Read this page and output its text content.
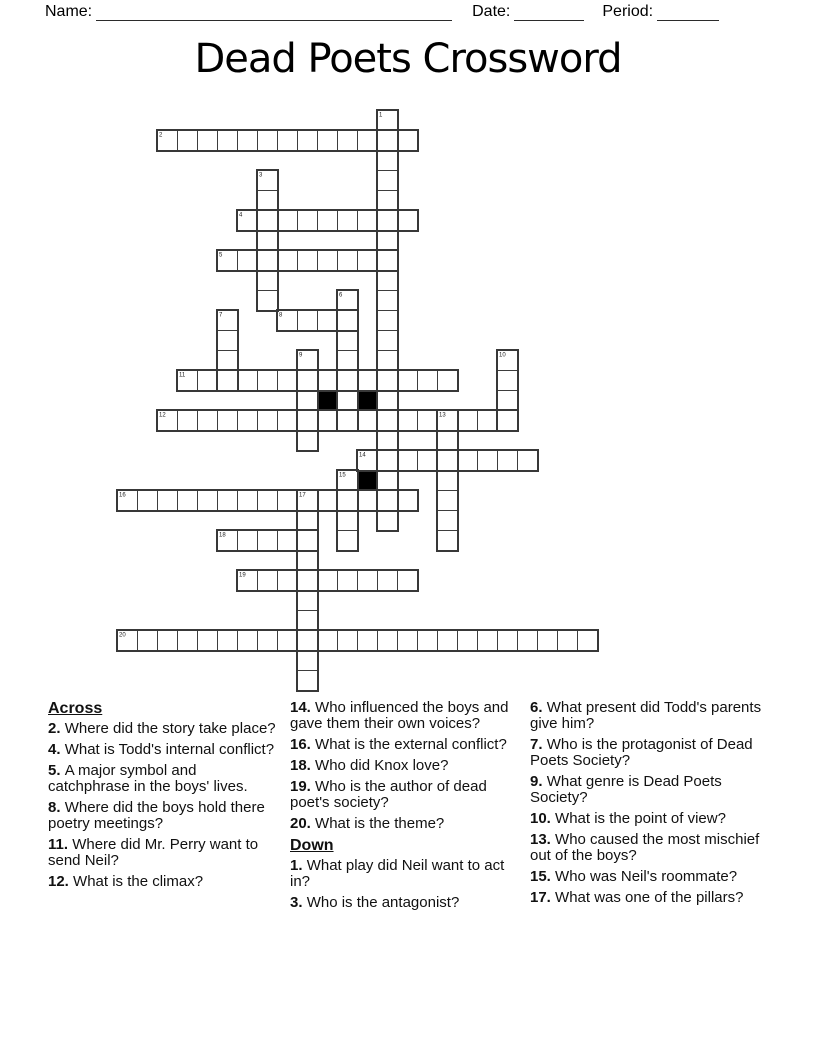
Name:	Date:	Period:
Dead Poets Crossword
1
2
3
4
5
6
7	8
9	10
11
12	13
14
15
16	17
18
19
20
Across
2. Where did the story take place?
4. What is Todd's internal conflict?
5. A major symbol and catchphrase in the boys' lives.
8. Where did the boys hold there poetry meetings?
11. Where did Mr. Perry want to send Neil?
12. What is the climax?
14. Who influenced the boys and gave them their own voices?
16. What is the external conflict?
18. Who did Knox love?
19. Who is the author of dead poet's society?
20. What is the theme?
Down
1. What play did Neil want to act in?
3. Who is the antagonist?
6. What present did Todd's parents give him?
7. Who is the protagonist of Dead Poets Society?
9. What genre is Dead Poets Society?
10. What is the point of view?
13. Who caused the most mischief out of the boys?
15. Who was Neil's roommate?
17. What was one of the pillars?
